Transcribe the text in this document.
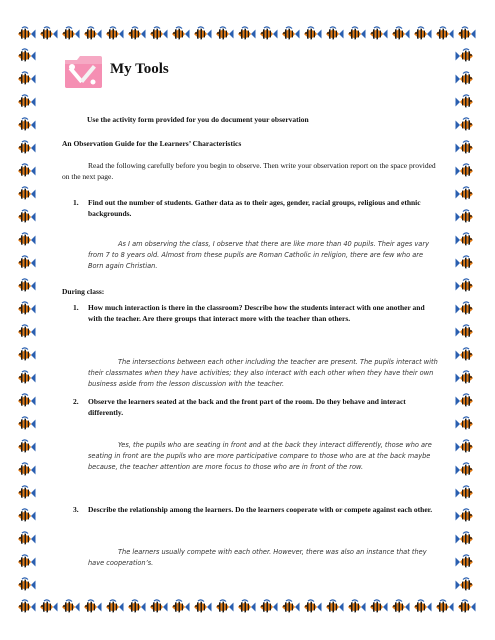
My Tools

Use the activity form provided for you do document your observation

An Observation Guide for the Learners’ Characteristics

Read the following carefully before you begin to observe. Then write your observation report on the space provided on the next page.

1. Find out the number of students. Gather data as to their ages, gender, racial groups, religious and ethnic backgrounds.

As I am observing the class, I observe that there are like more than 40 pupils. Their ages vary from 7 to 8 years old. Almost from these pupils are Roman Catholic in religion, there are few who are Born again Christian.

During class:

1. How much interaction is there in the classroom? Describe how the students interact with one another and with the teacher. Are there groups that interact more with the teacher than others.

The intersections between each other including the teacher are present. The pupils interact with their classmates when they have activities; they also interact with each other when they have their own business aside from the lesson discussion with the teacher.

2. Observe the learners seated at the back and the front part of the room. Do they behave and interact differently.

Yes, the pupils who are seating in front and at the back they interact differently, those who are seating in front are the pupils who are more participative compare to those who are at the back maybe because, the teacher attention are more focus to those who are in front of the row.

3. Describe the relationship among the learners. Do the learners cooperate with or compete against each other.

The learners usually compete with each other. However, there was also an instance that they have cooperation’s.
